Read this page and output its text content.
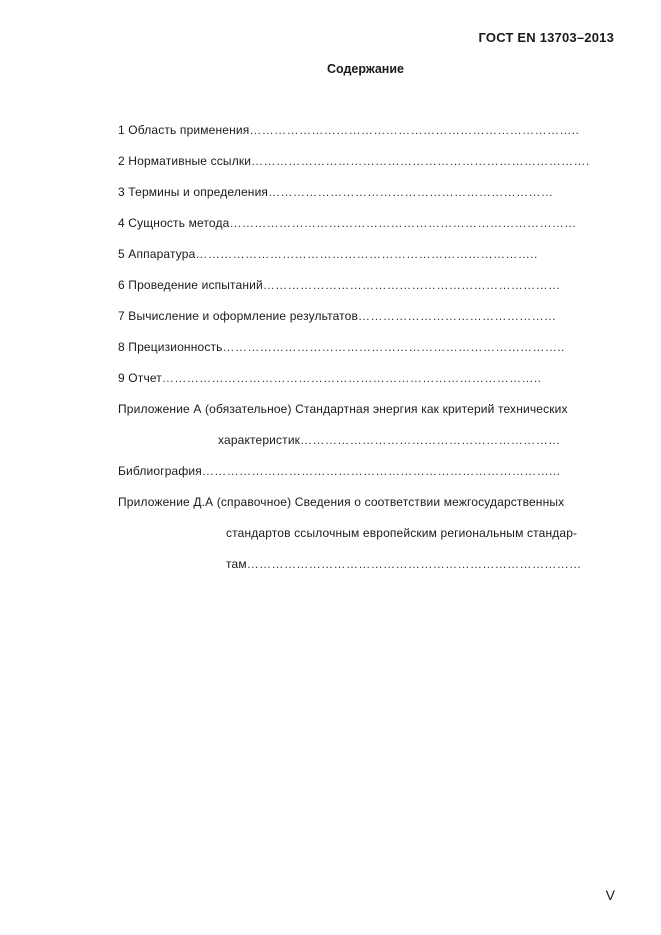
ГОСТ EN 13703–2013
Содержание
1 Область применения……………………………………………………………………..
2 Нормативные ссылки……………………………………………………………………….
3 Термины и определения……………………………………………………………
4 Сущность метода…………………………………………………………………………
5 Аппаратура………………………………………………………………………..
6 Проведение испытаний………………………………………………………………
7 Вычисление и оформление результатов…………………………………………
8 Прецизионность………………………………………………………………………..
9 Отчет………………………………………………………………………………..
Приложение А (обязательное) Стандартная энергия как критерий технических
характеристик………………………………………………………
Библиография…………………………………………………………………………...
Приложение Д.А (справочное) Сведения о соответствии межгосударственных
стандартов ссылочным европейским региональным стандар-
там………………………………………………………………………
V
